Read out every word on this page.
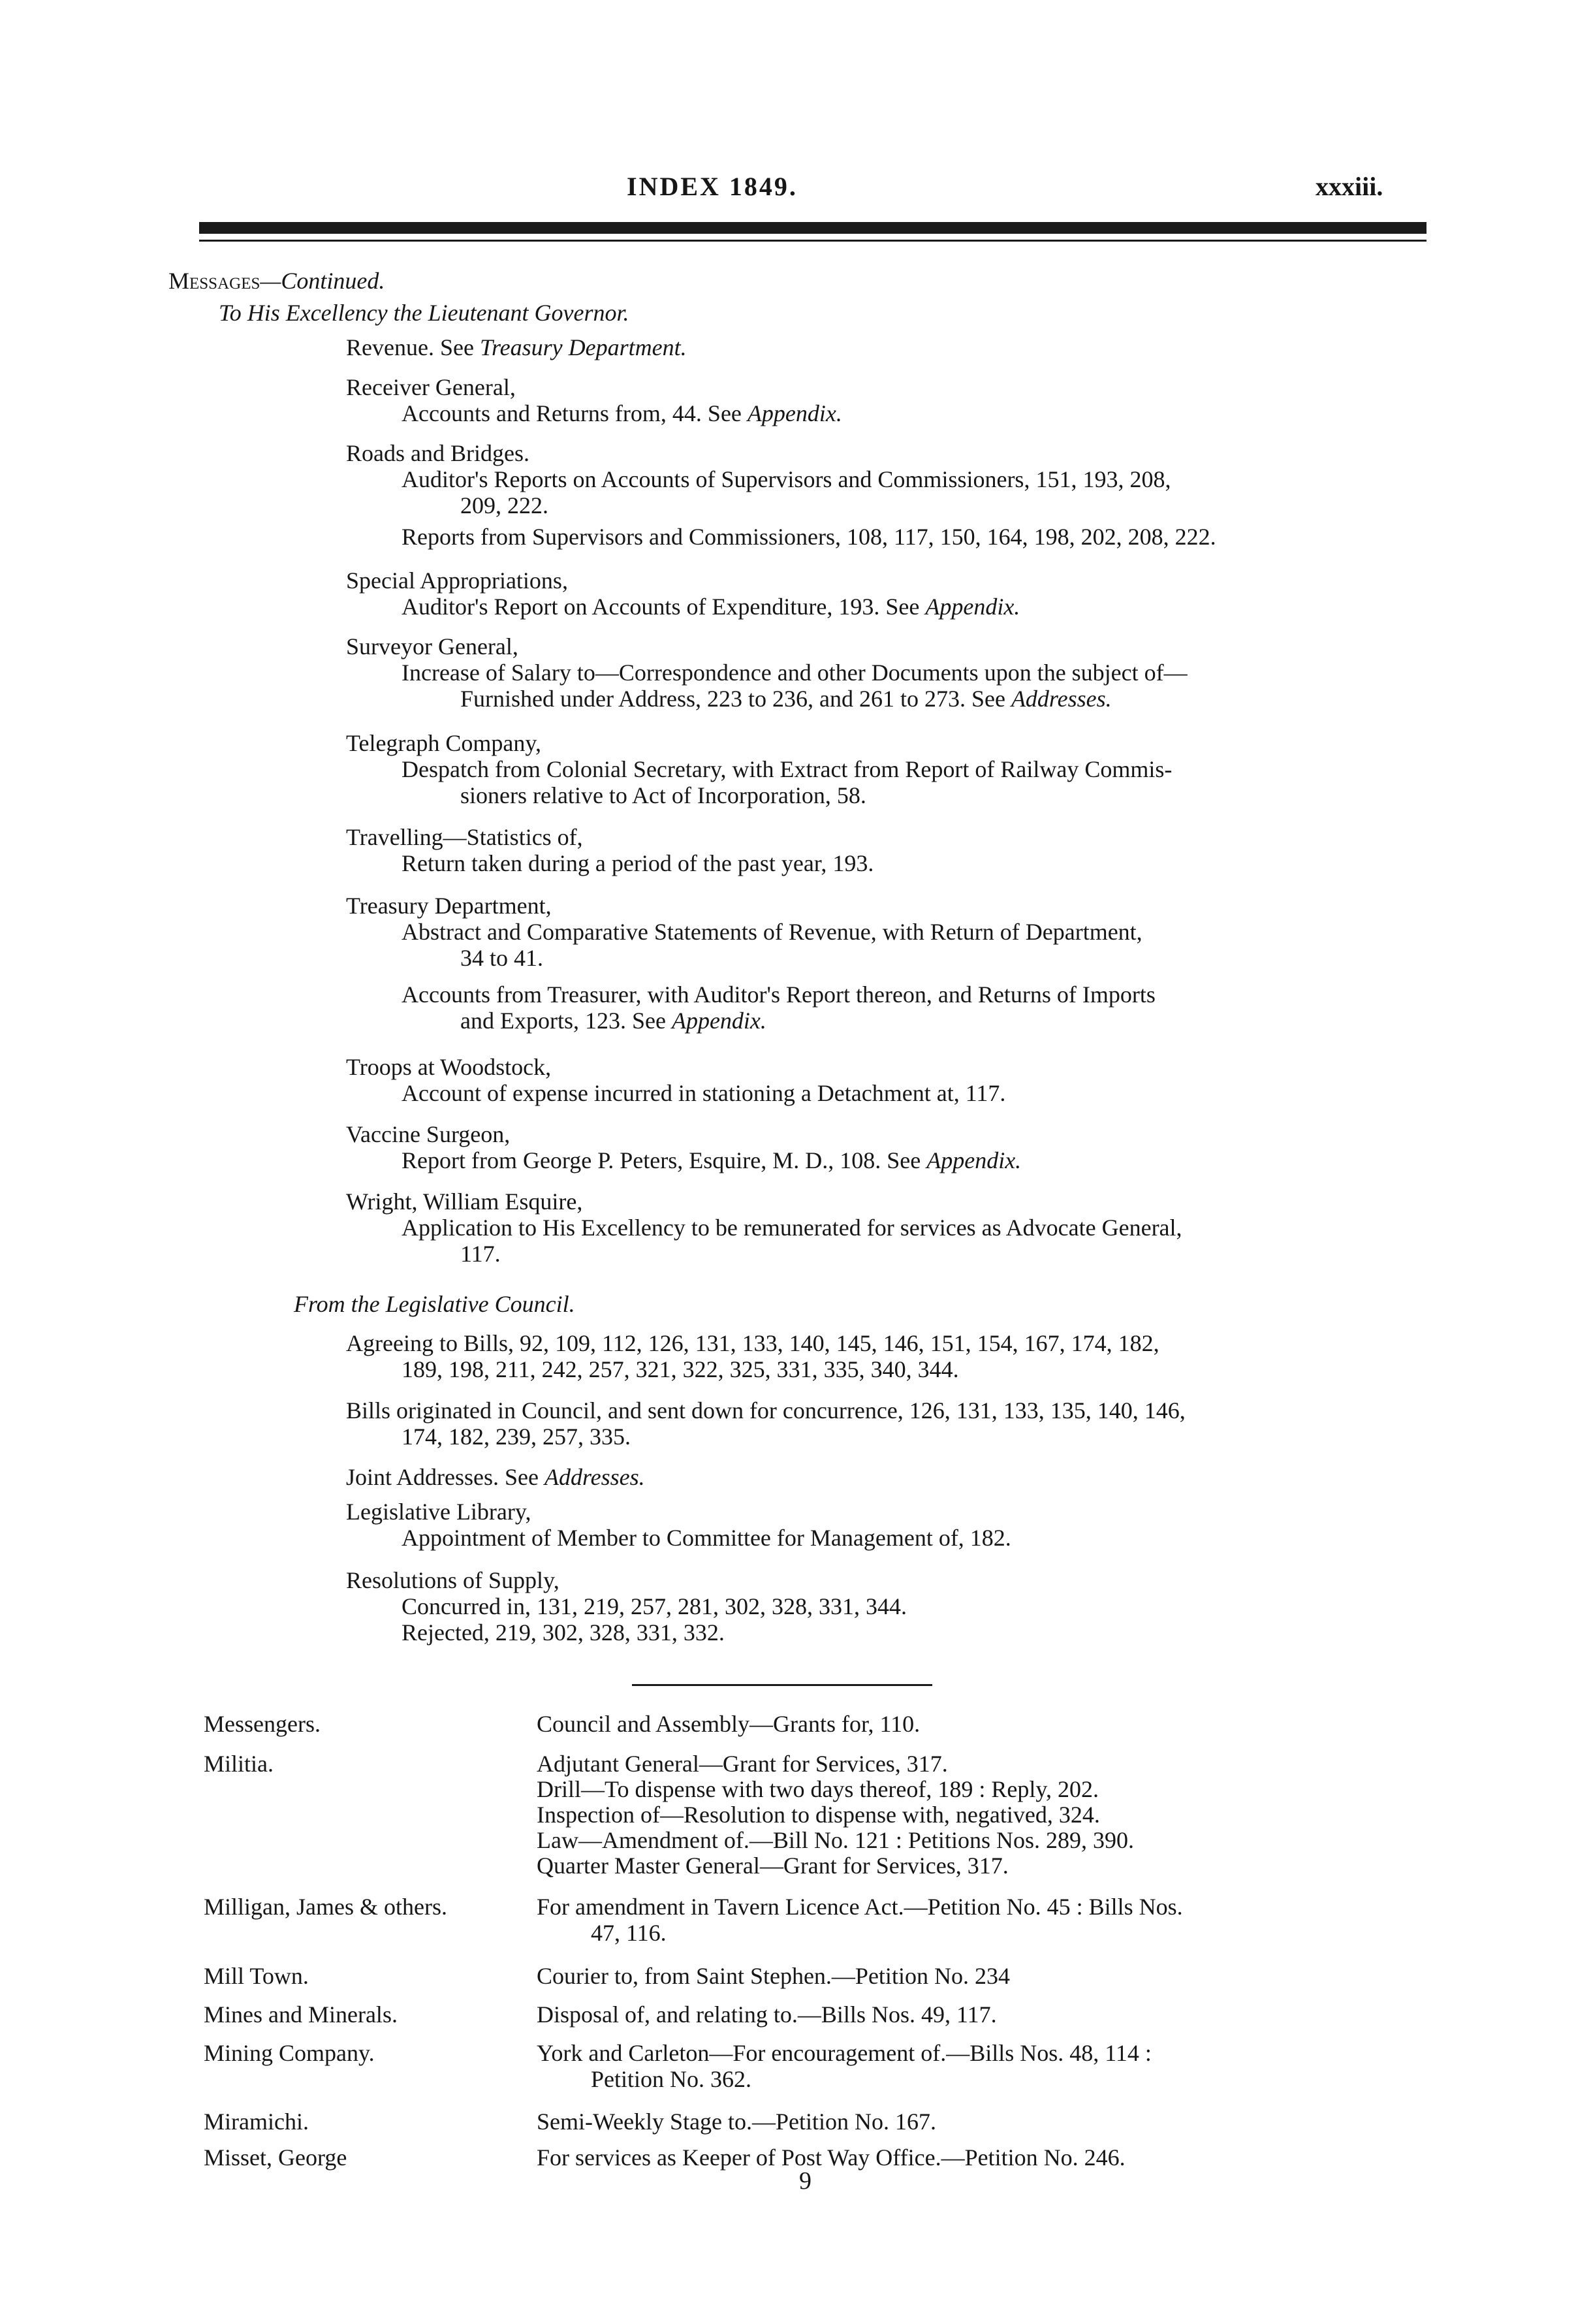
INDEX 1849.	xxxiii.
Messages—Continued.
To His Excellency the Lieutenant Governor.
Revenue. See Treasury Department.
Receiver General,
Accounts and Returns from, 44. See Appendix.
Roads and Bridges.
Auditor's Reports on Accounts of Supervisors and Commissioners, 151, 193, 208,
209, 222.
Reports from Supervisors and Commissioners, 108, 117, 150, 164, 198, 202, 208, 222.
Special Appropriations,
Auditor's Report on Accounts of Expenditure, 193. See Appendix.
Surveyor General,
Increase of Salary to—Correspondence and other Documents upon the subject of—
Furnished under Address, 223 to 236, and 261 to 273. See Addresses.
Telegraph Company,
Despatch from Colonial Secretary, with Extract from Report of Railway Commis-
sioners relative to Act of Incorporation, 58.
Travelling—Statistics of,
Return taken during a period of the past year, 193.
Treasury Department,
Abstract and Comparative Statements of Revenue, with Return of Department,
34 to 41.
Accounts from Treasurer, with Auditor's Report thereon, and Returns of Imports
and Exports, 123. See Appendix.
Troops at Woodstock,
Account of expense incurred in stationing a Detachment at, 117.
Vaccine Surgeon,
Report from George P. Peters, Esquire, M. D., 108. See Appendix.
Wright, William Esquire,
Application to His Excellency to be remunerated for services as Advocate General,
117.
From the Legislative Council.
Agreeing to Bills, 92, 109, 112, 126, 131, 133, 140, 145, 146, 151, 154, 167, 174, 182,
189, 198, 211, 242, 257, 321, 322, 325, 331, 335, 340, 344.
Bills originated in Council, and sent down for concurrence, 126, 131, 133, 135, 140, 146,
174, 182, 239, 257, 335.
Joint Addresses. See Addresses.
Legislative Library,
Appointment of Member to Committee for Management of, 182.
Resolutions of Supply,
Concurred in, 131, 219, 257, 281, 302, 328, 331, 344.
Rejected, 219, 302, 328, 331, 332.
Messengers.	Council and Assembly—Grants for, 110.
Militia.	Adjutant General—Grant for Services, 317.
Drill—To dispense with two days thereof, 189 : Reply, 202.
Inspection of—Resolution to dispense with, negatived, 324.
Law—Amendment of.—Bill No. 121 : Petitions Nos. 289, 390.
Quarter Master General—Grant for Services, 317.
Milligan, James & others.	For amendment in Tavern Licence Act.—Petition No. 45 : Bills Nos.
47, 116.
Mill Town.	Courier to, from Saint Stephen.—Petition No. 234
Mines and Minerals.	Disposal of, and relating to.—Bills Nos. 49, 117.
Mining Company.	York and Carleton—For encouragement of.—Bills Nos. 48, 114 :
Petition No. 362.
Miramichi.	Semi-Weekly Stage to.—Petition No. 167.
Misset, George	For services as Keeper of Post Way Office.—Petition No. 246.
9
